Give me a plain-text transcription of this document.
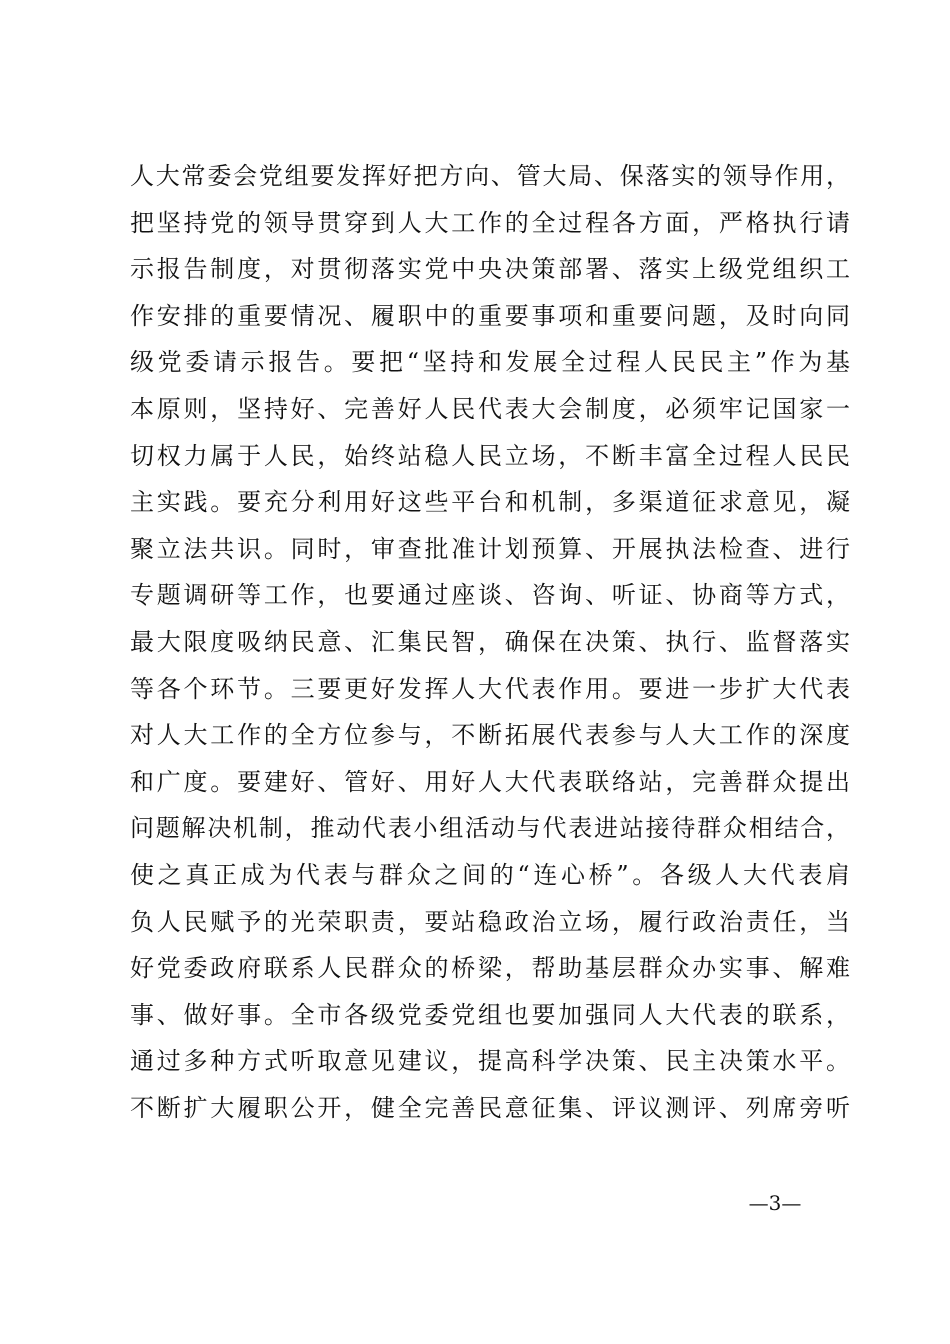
人大常委会党组要发挥好把方向、管大局、保落实的领导作用，
把坚持党的领导贯穿到人大工作的全过程各方面，严格执行请
示报告制度，对贯彻落实党中央决策部署、落实上级党组织工
作安排的重要情况、履职中的重要事项和重要问题，及时向同
级党委请示报告。要把“坚持和发展全过程人民民主”作为基
本原则，坚持好、完善好人民代表大会制度，必须牢记国家一
切权力属于人民，始终站稳人民立场，不断丰富全过程人民民
主实践。要充分利用好这些平台和机制，多渠道征求意见，凝
聚立法共识。同时，审查批准计划预算、开展执法检查、进行
专题调研等工作，也要通过座谈、咨询、听证、协商等方式，
最大限度吸纳民意、汇集民智，确保在决策、执行、监督落实
等各个环节。三要更好发挥人大代表作用。要进一步扩大代表
对人大工作的全方位参与，不断拓展代表参与人大工作的深度
和广度。要建好、管好、用好人大代表联络站，完善群众提出
问题解决机制，推动代表小组活动与代表进站接待群众相结合，
使之真正成为代表与群众之间的“连心桥”。各级人大代表肩
负人民赋予的光荣职责，要站稳政治立场，履行政治责任，当
好党委政府联系人民群众的桥梁，帮助基层群众办实事、解难
事、做好事。全市各级党委党组也要加强同人大代表的联系，
通过多种方式听取意见建议，提高科学决策、民主决策水平。
不断扩大履职公开，健全完善民意征集、评议测评、列席旁听
—3—
